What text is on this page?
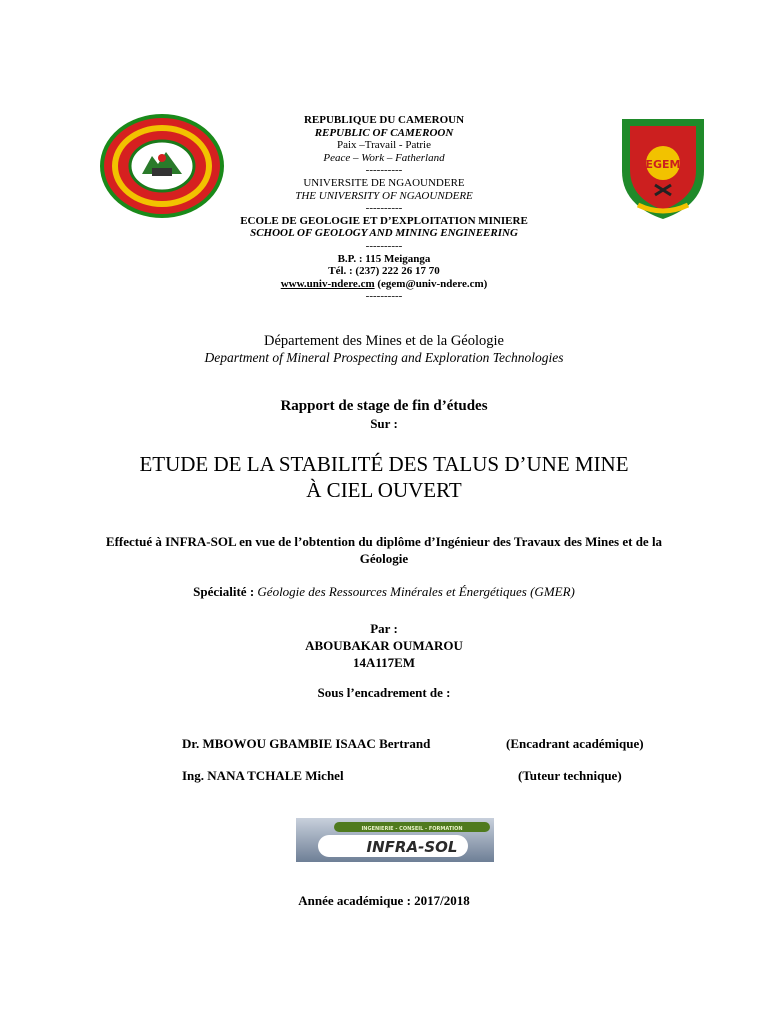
EGEM
REPUBLIQUE DU CAMEROUN
REPUBLIC OF CAMEROON
Paix –Travail - Patrie
Peace – Work – Fatherland
----------
UNIVERSITE DE NGAOUNDERE
THE UNIVERSITY OF NGAOUNDERE
----------
ECOLE DE GEOLOGIE ET D’EXPLOITATION MINIERE
SCHOOL OF GEOLOGY AND MINING ENGINEERING
----------
B.P. : 115 Meiganga
Tél. : (237) 222 26 17 70
www.univ-ndere.cm (egem@univ-ndere.cm)
----------
Département des Mines et de la Géologie
Department of Mineral Prospecting and Exploration Technologies
Rapport de stage de fin d’études
Sur :
ETUDE DE LA STABILITÉ DES TALUS D’UNE MINE
À CIEL OUVERT
Effectué à INFRA-SOL en vue de l’obtention du diplôme d’Ingénieur des Travaux des Mines et de la Géologie
Spécialité : Géologie des Ressources Minérales et Énergétiques (GMER)
Par :
ABOUBAKAR OUMAROU
14A117EM
Sous l’encadrement de :
Dr. MBOWOU GBAMBIE ISAAC Bertrand	(Encadrant académique)
Ing. NANA TCHALE Michel	(Tuteur technique)
INGENIERIE - CONSEIL - FORMATION
INFRA-SOL
Année académique : 2017/2018
